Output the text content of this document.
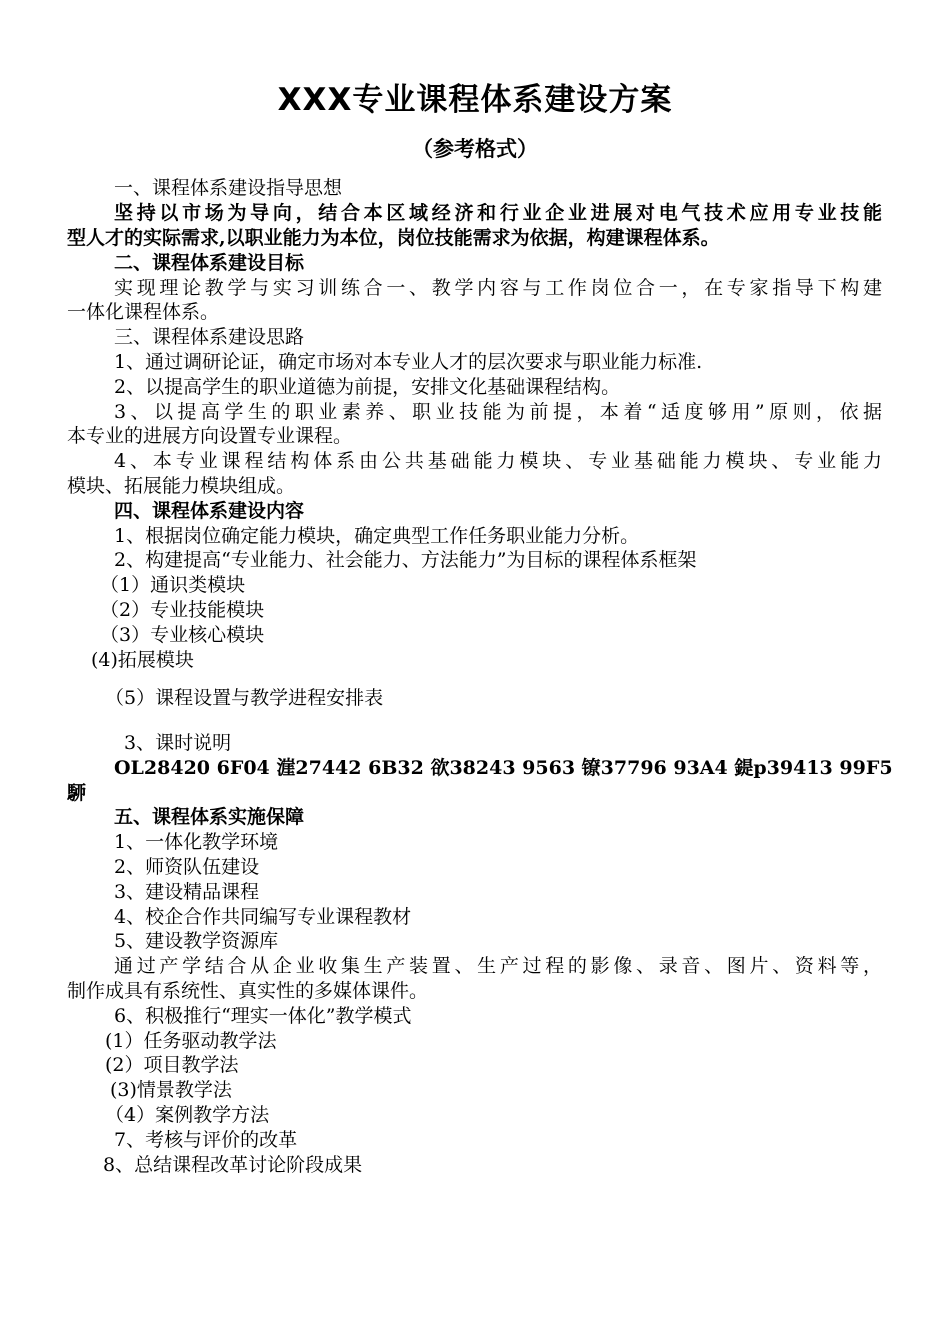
XXX专业课程体系建设方案
（参考格式）
一、课程体系建设指导思想
坚持以市场为导向，结合本区域经济和行业企业进展对电气技术应用专业技能
型人才的实际需求,以职业能力为本位，岗位技能需求为依据，构建课程体系。
二、课程体系建设目标
实现理论教学与实习训练合一、教学内容与工作岗位合一，在专家指导下构建
一体化课程体系。
三、课程体系建设思路
1、通过调研论证，确定市场对本专业人才的层次要求与职业能力标准.
2、以提高学生的职业道德为前提，安排文化基础课程结构。
3、以提高学生的职业素养、职业技能为前提，本着“适度够用”原则，依据
本专业的进展方向设置专业课程。
4、本专业课程结构体系由公共基础能力模块、专业基础能力模块、专业能力
模块、拓展能力模块组成。
四、课程体系建设内容
1、根据岗位确定能力模块，确定典型工作任务职业能力分析。
2、构建提高“专业能力、社会能力、方法能力”为目标的课程体系框架
（1）通识类模块
（2）专业技能模块
（3）专业核心模块
(4)拓展模块
（5）课程设置与教学进程安排表
3、课时说明
OL28420 6F04 漄27442 6B32 欲38243 9563 镣37796 93A4 鍉p39413 99F5
駵
五、课程体系实施保障
1、一体化教学环境
2、师资队伍建设
3、建设精品课程
4、校企合作共同编写专业课程教材
5、建设教学资源库
通过产学结合从企业收集生产装置、生产过程的影像、录音、图片、资料等，
制作成具有系统性、真实性的多媒体课件。
6、积极推行“理实一体化”教学模式
(1）任务驱动教学法
(2）项目教学法
(3)情景教学法
（4）案例教学方法
7、考核与评价的改革
8、总结课程改革讨论阶段成果
